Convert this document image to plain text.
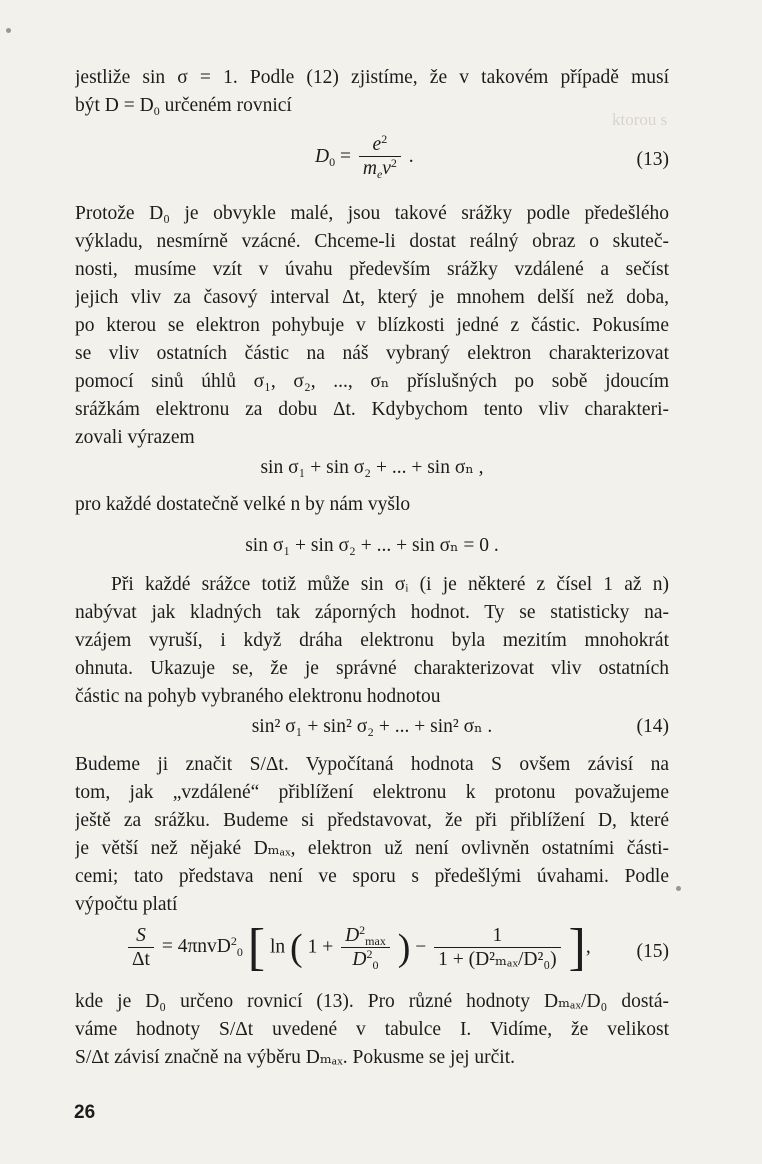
ktorou s
jestliže sin σ = 1. Podle (12) zjistíme, že v takovém případě musí
být $D = D_0$ určeném rovnicí
$D_0 = \frac{e^2}{m_ev^2}$ .	(13)
Protože D₀ je obvykle malé, jsou takové srážky podle předešlého
výkladu, nesmírně vzácné. Chceme-li dostat reálný obraz o skuteč-
nosti, musíme vzít v úvahu především srážky vzdálené a sečíst
jejich vliv za časový interval Δt, který je mnohem delší než doba,
po kterou se elektron pohybuje v blízkosti jedné z částic. Pokusíme
se vliv ostatních částic na náš vybraný elektron charakterizovat
pomocí sinů úhlů σ₁, σ₂, ..., σₙ příslušných po sobě jdoucím
srážkám elektronu za dobu Δt. Kdybychom tento vliv charakteri-
zovali výrazem
sin σ₁ + sin σ₂ + ... + sin σₙ ,
pro každé dostatečně velké n by nám vyšlo
sin σ₁ + sin σ₂ + ... + sin σₙ = 0 .
Při každé srážce totiž může sin σᵢ (i je některé z čísel 1 až n)
nabývat jak kladných tak záporných hodnot. Ty se statisticky na-
vzájem vyruší, i když dráha elektronu byla mezitím mnohokrát
ohnuta. Ukazuje se, že je správné charakterizovat vliv ostatních
částic na pohyb vybraného elektronu hodnotou
sin² σ₁ + sin² σ₂ + ... + sin² σₙ .	(14)
Budeme ji značit S/Δt. Vypočítaná hodnota S ovšem závisí na
tom, jak „vzdálené“ přiblížení elektronu k protonu považujeme
ještě za srážku. Budeme si představovat, že při přiblížení D, které
je větší než nějaké Dₘₐₓ, elektron už není ovlivněn ostatními části-
cemi; tato představa není ve sporu s předešlými úvahami. Podle
výpočtu platí
$\frac{S}{\Delta t} = 4\pi nvD^2_0$ [ ln ( $1 + \frac{D^2_{max}}{D^2_0}$ ) − $\frac{1}{\text{1 + (D²ₘₐₓ/D²₀)}}$ ], (15)
kde je D₀ určeno rovnicí (13). Pro různé hodnoty Dₘₐₓ/D₀ dostá-
váme hodnoty S/Δt uvedené v tabulce I. Vidíme, že velikost
S/Δt závisí značně na výběru Dₘₐₓ. Pokusme se jej určit.
26
